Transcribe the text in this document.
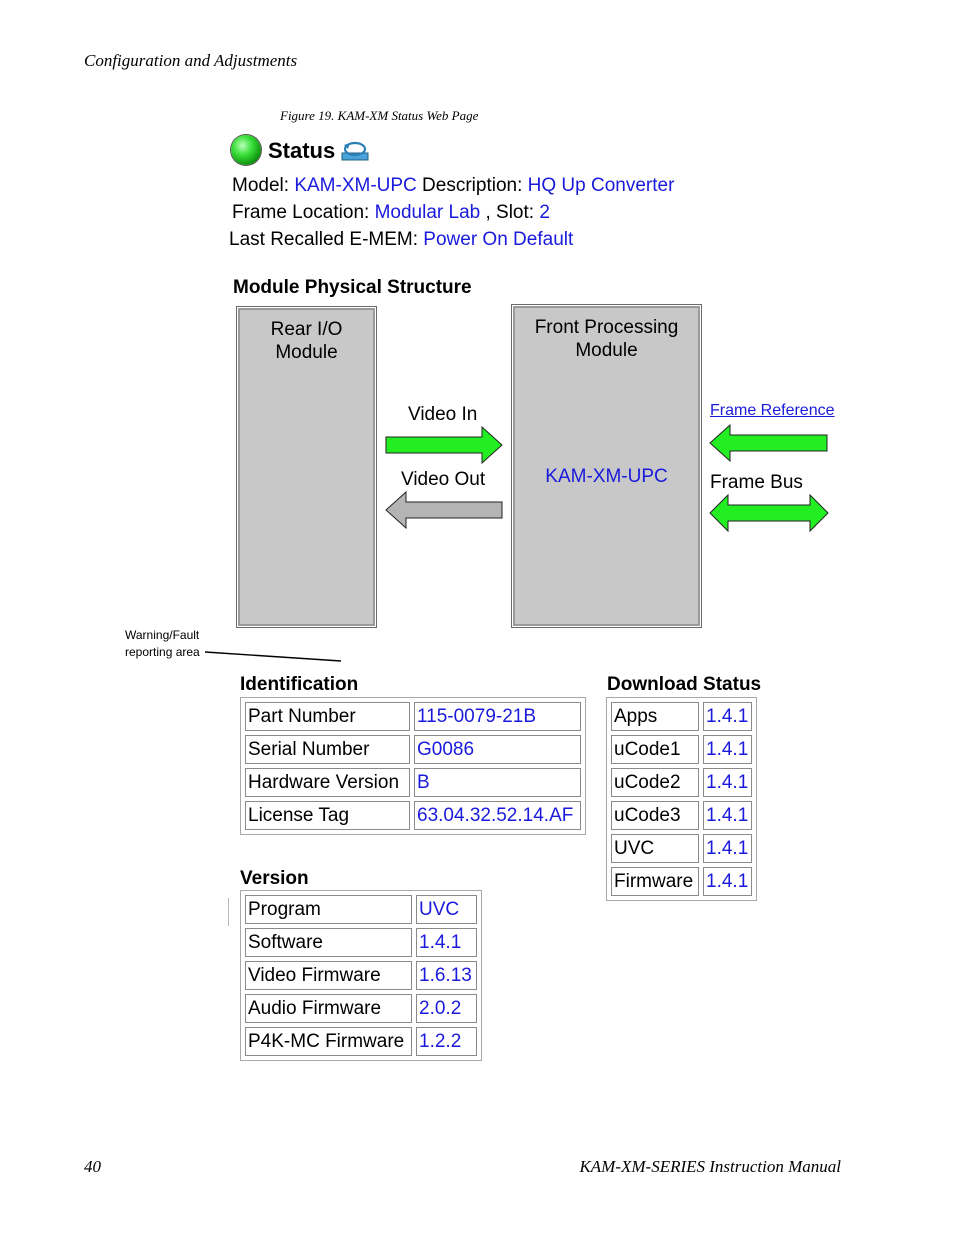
Configuration and Adjustments
Figure 19. KAM-XM Status Web Page
Status
Model: KAM-XM-UPC Description: HQ Up Converter
Frame Location: Modular Lab , Slot: 2
Last Recalled E-MEM: Power On Default
Module Physical Structure
Rear I/O
Module
Front Processing
Module
KAM-XM-UPC
Video In
Video Out
Frame Reference
Frame Bus
Warning/Fault
reporting area
Identification
Part Number	115-0079-21B
Serial Number	G0086
Hardware Version	B
License Tag	63.04.32.52.14.AF
Download Status
Apps	1.4.1
uCode1	1.4.1
uCode2	1.4.1
uCode3	1.4.1
UVC	1.4.1
Firmware	1.4.1
Version
Program	UVC
Software	1.4.1
Video Firmware	1.6.13
Audio Firmware	2.0.2
P4K-MC Firmware	1.2.2
40	KAM-XM-SERIES Instruction Manual
